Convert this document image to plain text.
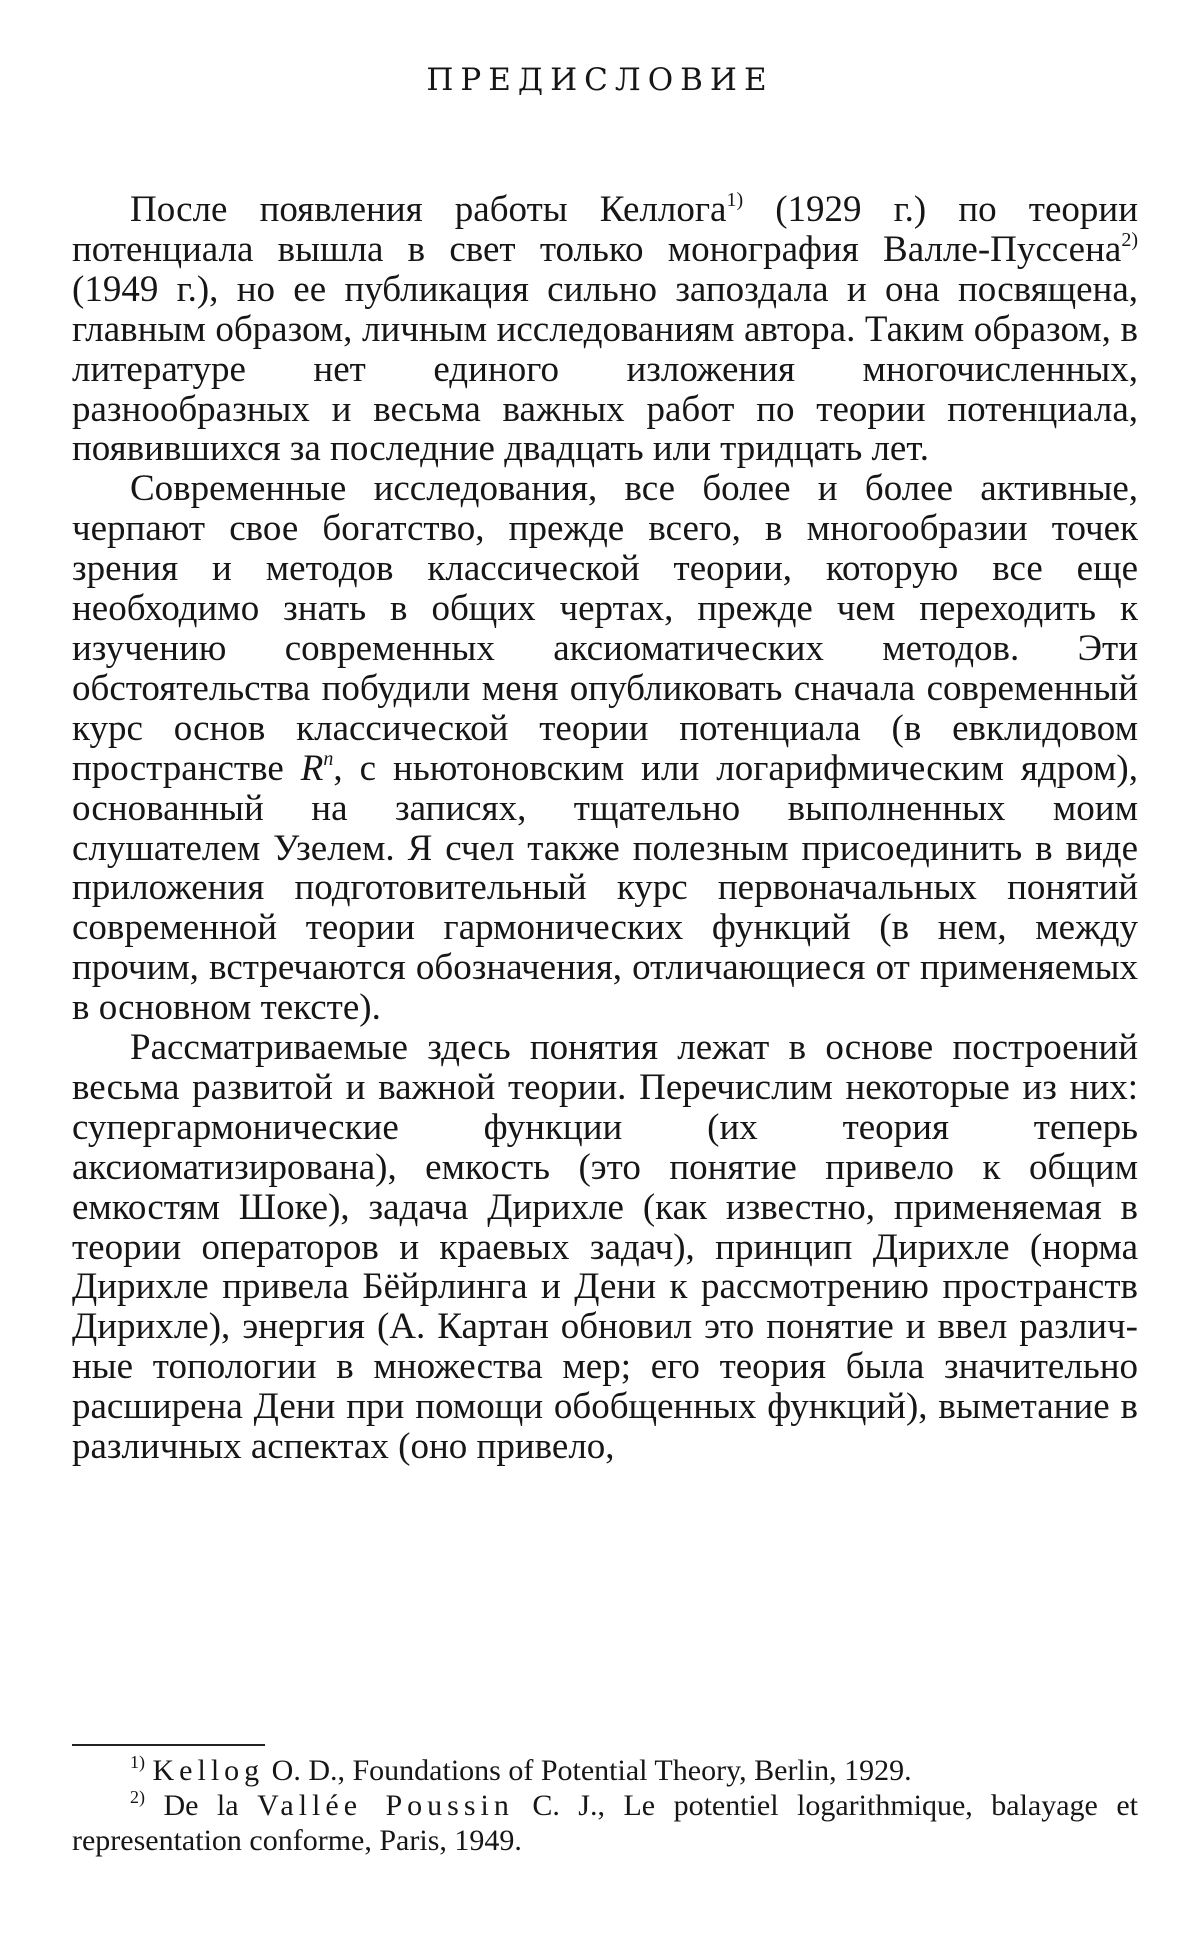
ПРЕДИСЛОВИЕ

После появления работы Келлога$^{1)}$ (1929 г.) по теории потенциала вышла в свет только монография Валле-Пуссена$^{2)}$ (1949 г.), но ее публикация сильно запоздала и она посвящена, главным образом, личным исследованиям автора. Таким образом, в литературе нет единого изложения многочисленных, разнообразных и весьма важных работ по теории потенциала, появившихся за последние двадцать или тридцать лет.

Современные исследования, все более и более активные, черпают свое богатство, прежде всего, в многообразии точек зрения и методов классической теории, которую все еще необходимо знать в общих чертах, прежде чем переходить к изучению современных аксиоматических методов. Эти обстоятельства побудили меня опубликовать сначала современный курс основ классической теории потенциала (в евклидовом пространстве $R^n$, с ньютоновским или логарифмическим ядром), основанный на записях, тщательно выполненных моим слушателем Узелем. Я счел также полезным присоединить в виде приложения подготовительный курс первоначальных понятий современной теории гармонических функций (в нем, между прочим, встречаются обозначения, отличающиеся от применяемых в основном тексте).

Рассматриваемые здесь понятия лежат в основе построений весьма развитой и важной теории. Перечислим некоторые из них: супергармонические функции (их теория теперь аксиоматизирована), емкость (это понятие привело к общим емкостям Шоке), задача Дирихле (как известно, применяемая в теории операторов и краевых задач), принцип Дирихле (норма Дирихле привела Бёйрлинга и Дени к рассмотрению пространств Дирихле), энергия (А. Картан обновил это понятие и ввел различные топологии в множества мер; его теория была значительно расширена Дени при помощи обобщенных функций), выметание в различных аспектах (оно привело,

$^{1)}$ Kellog O. D., Foundations of Potential Theory, Berlin, 1929.

$^{2)}$ De la Vallée Poussin C. J., Le potentiel logarithmique, balayage et representation conforme, Paris, 1949.
